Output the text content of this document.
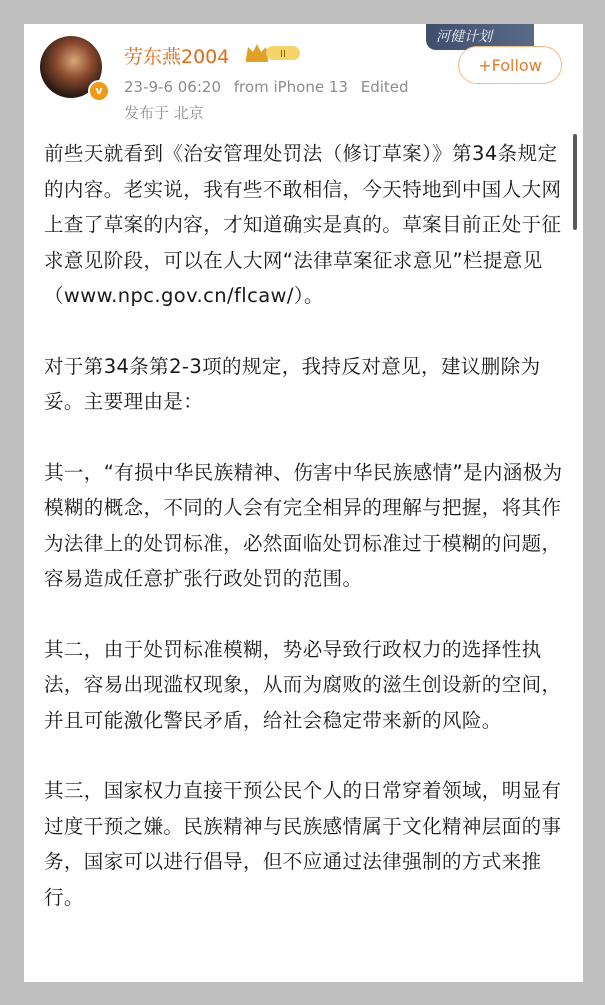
河健计划
v
劳东燕2004	II
23-9-6 06:20 from iPhone 13 Edited
发布于 北京
+Follow

前些天就看到《治安管理处罚法（修订草案）》第34条规定的内容。老实说，我有些不敢相信，今天特地到中国人大网上查了草案的内容，才知道确实是真的。草案目前正处于征求意见阶段，可以在人大网“法律草案征求意见”栏提意见（www.npc.gov.cn/flcaw/）。

对于第34条第2-3项的规定，我持反对意见，建议删除为妥。主要理由是：

其一，“有损中华民族精神、伤害中华民族感情”是内涵极为模糊的概念，不同的人会有完全相异的理解与把握，将其作为法律上的处罚标准，必然面临处罚标准过于模糊的问题，容易造成任意扩张行政处罚的范围。

其二，由于处罚标准模糊，势必导致行政权力的选择性执法，容易出现滥权现象，从而为腐败的滋生创设新的空间，并且可能激化警民矛盾，给社会稳定带来新的风险。

其三，国家权力直接干预公民个人的日常穿着领域，明显有过度干预之嫌。民族精神与民族感情属于文化精神层面的事务，国家可以进行倡导，但不应通过法律强制的方式来推行。
